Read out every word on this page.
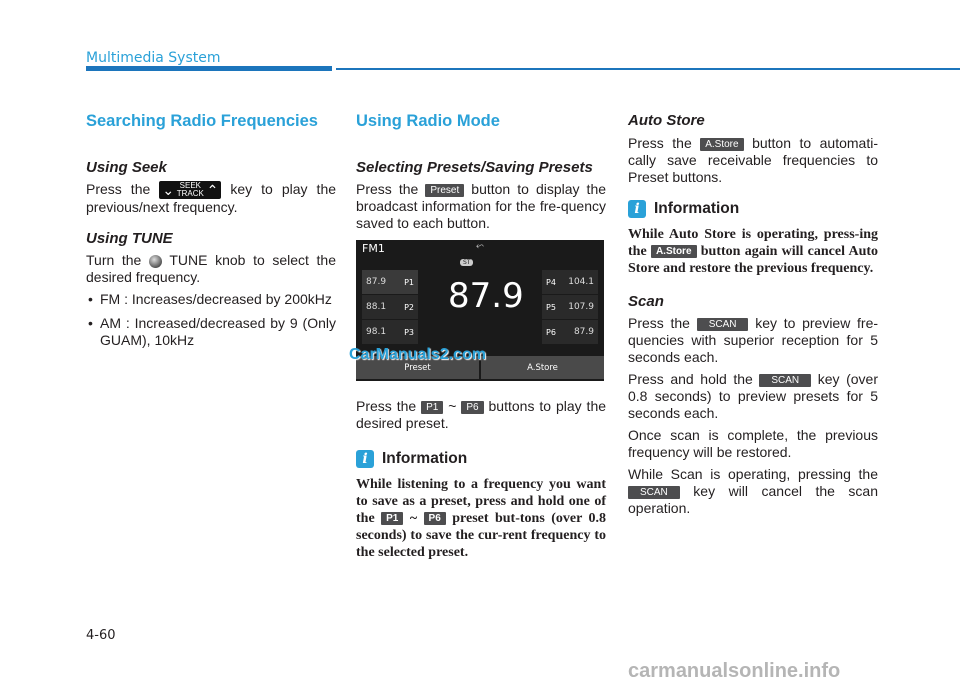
Multimedia System
Searching Radio Frequencies
Using Seek

Press the ⌄ SEEK
TRACK ⌃ key to play the previous/next frequency.

Using TUNE

Turn the TUNE knob to select the desired frequency.

• FM : Increases/decreased by 200kHz
• AM : Increased/decreased by 9 (Only GUAM), 10kHz
Using Radio Mode
Selecting Presets/Saving Presets

Press the Preset button to display the broadcast information for the fre-quency saved to each button.

FM1	⬿
ST
87.9
87.9 P1
88.1 P2
98.1 P3
P4 104.1
P5 107.9
P6 87.9
Preset	A.Store

Press the P1 ~ P6 buttons to play the desired preset.

i Information

While listening to a frequency you want to save as a preset, press and hold one of the P1 ~ P6 preset but-tons (over 0.8 seconds) to save the cur-rent frequency to the selected preset.

Auto Store

Press the A.Store button to automati-cally save receivable frequencies to Preset buttons.

i Information

While Auto Store is operating, press-ing the A.Store button again will cancel Auto Store and restore the previous frequency.

Scan

Press the SCAN key to preview fre-quencies with superior reception for 5 seconds each.

Press and hold the SCAN key (over 0.8 seconds) to preview presets for 5 seconds each.

Once scan is complete, the previous frequency will be restored.

While Scan is operating, pressing the SCAN key will cancel the scan operation.

CarManuals2.com
4-60
carmanualsonline.info
